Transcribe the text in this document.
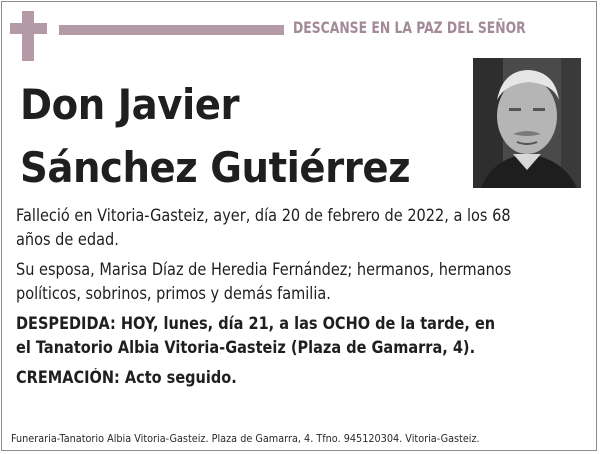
DESCANSE EN LA PAZ DEL SEÑOR
Don Javier
Sánchez Gutiérrez
Falleció en Vitoria-Gasteiz, ayer, día 20 de febrero de 2022, a los 68
años de edad.
Su esposa, Marisa Díaz de Heredia Fernández; hermanos, hermanos
políticos, sobrinos, primos y demás familia.
DESPEDIDA: HOY, lunes, día 21, a las OCHO de la tarde, en
el Tanatorio Albia Vitoria-Gasteiz (Plaza de Gamarra, 4).
CREMACIÓN: Acto seguido.
Funeraria-Tanatorio Albia Vitoria-Gasteiz. Plaza de Gamarra, 4. Tfno. 945120304. Vitoria-Gasteiz.
